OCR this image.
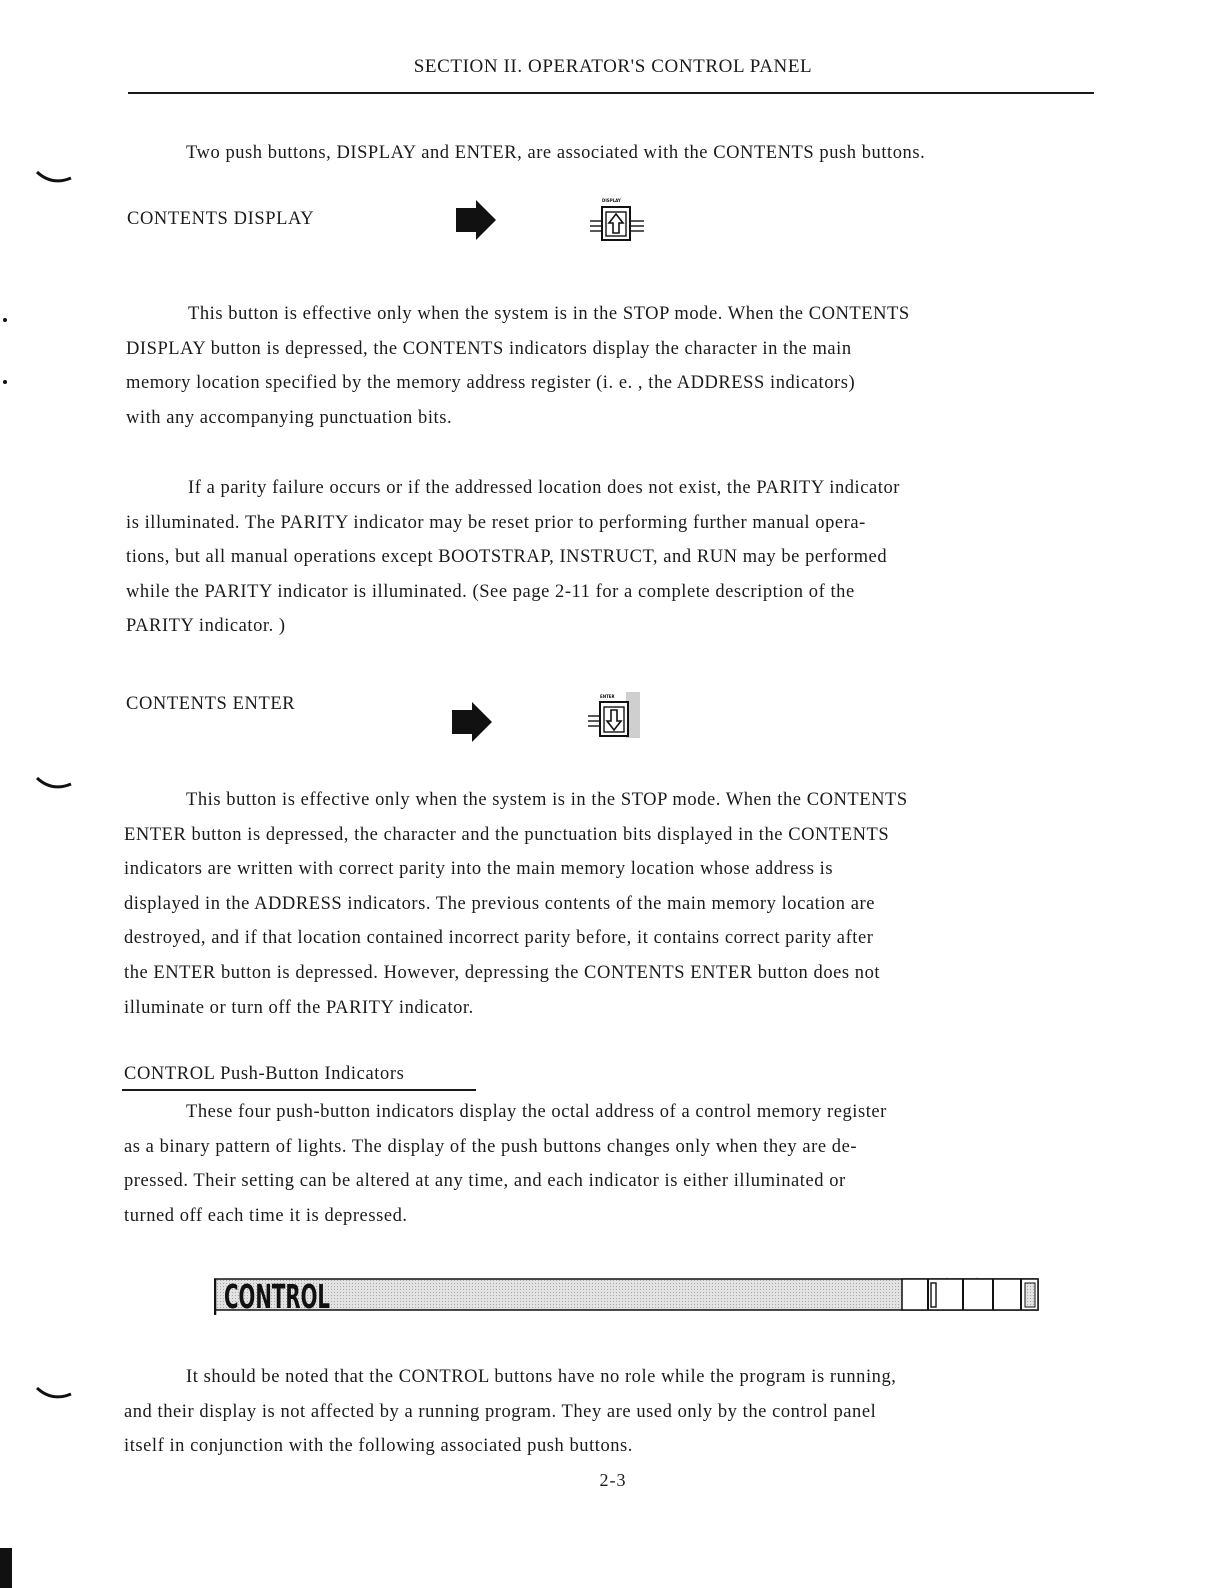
SECTION II. OPERATOR'S CONTROL PANEL

Two push buttons, DISPLAY and ENTER, are associated with the CONTENTS push buttons.

CONTENTS DISPLAY
DISPLAY

This button is effective only when the system is in the STOP mode. When the CONTENTS
DISPLAY button is depressed, the CONTENTS indicators display the character in the main
memory location specified by the memory address register (i. e. , the ADDRESS indicators)
with any accompanying punctuation bits.

If a parity failure occurs or if the addressed location does not exist, the PARITY indicator
is illuminated. The PARITY indicator may be reset prior to performing further manual opera-
tions, but all manual operations except BOOTSTRAP, INSTRUCT, and RUN may be performed
while the PARITY indicator is illuminated. (See page 2-11 for a complete description of the
PARITY indicator. )

CONTENTS ENTER	ENTER

This button is effective only when the system is in the STOP mode. When the CONTENTS
ENTER button is depressed, the character and the punctuation bits displayed in the CONTENTS
indicators are written with correct parity into the main memory location whose address is
displayed in the ADDRESS indicators. The previous contents of the main memory location are
destroyed, and if that location contained incorrect parity before, it contains correct parity after
the ENTER button is depressed. However, depressing the CONTENTS ENTER button does not
illuminate or turn off the PARITY indicator.

CONTROL Push-Button Indicators

These four push-button indicators display the octal address of a control memory register
as a binary pattern of lights. The display of the push buttons changes only when they are de-
pressed. Their setting can be altered at any time, and each indicator is either illuminated or
turned off each time it is depressed.

CONTROL

It should be noted that the CONTROL buttons have no role while the program is running,
and their display is not affected by a running program. They are used only by the control panel
itself in conjunction with the following associated push buttons.

2-3
